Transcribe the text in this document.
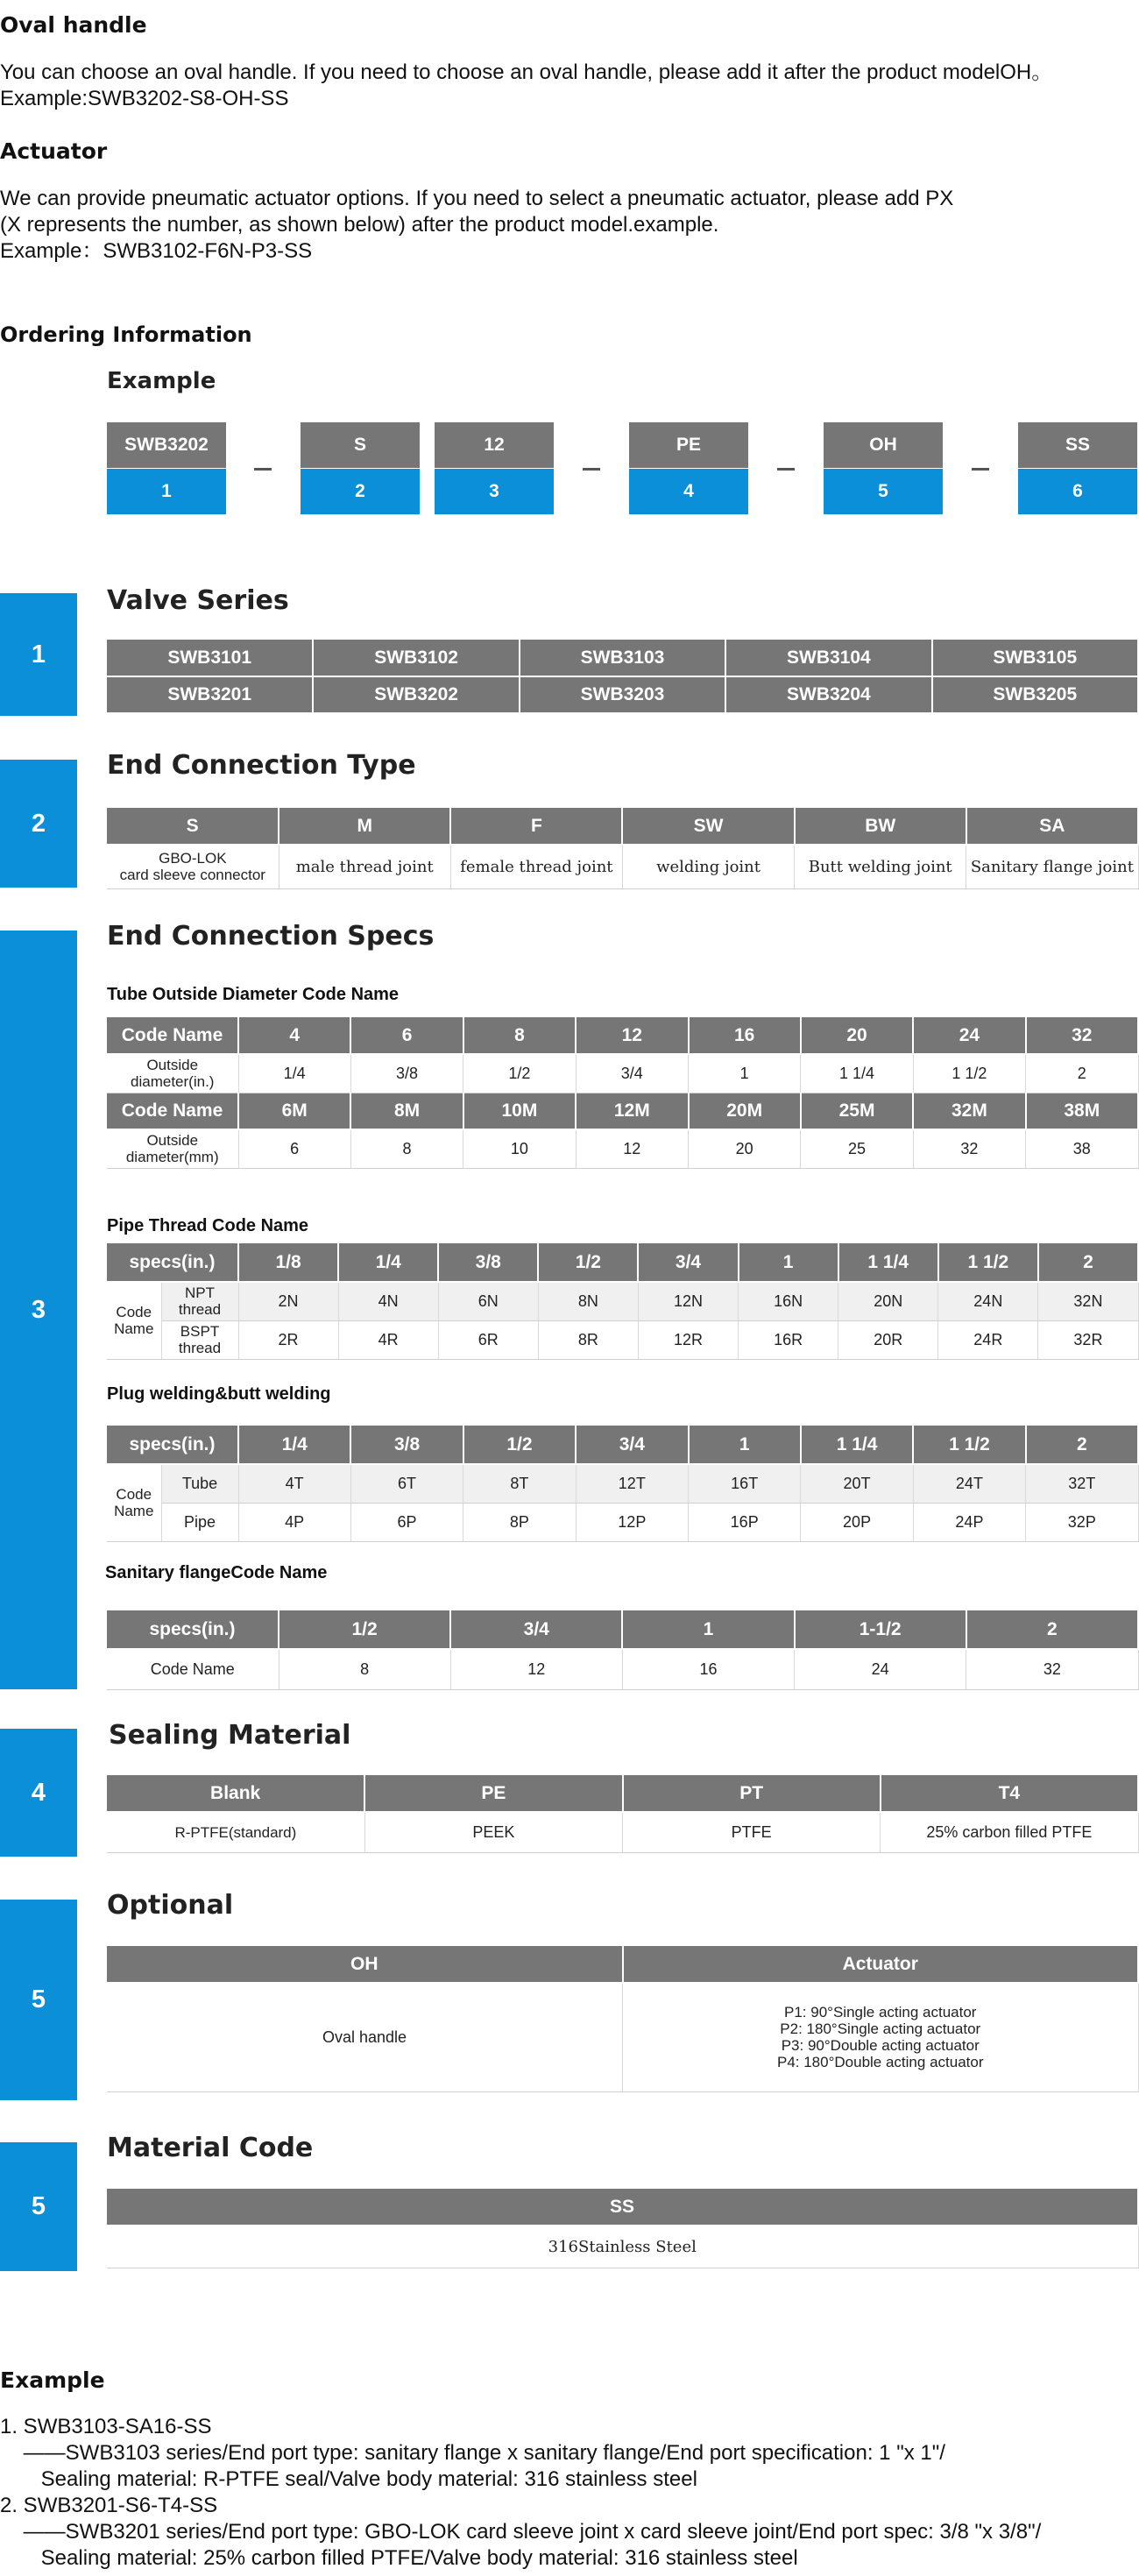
Oval handle
You can choose an oval handle. If you need to choose an oval handle, please add it after the product modelOH。
Example:SWB3202-S8-OH-SS
Actuator
We can provide pneumatic actuator options. If you need to select a pneumatic actuator, please add PX
(X represents the number, as shown below) after the product model.example.
Example：SWB3102-F6N-P3-SS
Ordering Information
Example
SWB3202
1
S
2
12
3
PE
4
OH
5
SS
6
1
Valve Series
SWB3101	SWB3102	SWB3103	SWB3104	SWB3105
SWB3201	SWB3202	SWB3203	SWB3204	SWB3205
2
End Connection Type
S	M	F	SW	BW	SA
GBO-LOK
card sleeve connector	male thread joint	female thread joint	welding joint	Butt welding joint	Sanitary flange joint
3
End Connection Specs
Tube Outside Diameter Code Name
Code Name	4	6	8	12	16	20	24	32
Outside
diameter(in.)	1/4	3/8	1/2	3/4	1	1 1/4	1 1/2	2
Code Name	6M	8M	10M	12M	20M	25M	32M	38M
Outside
diameter(mm)	6	8	10	12	20	25	32	38
Pipe Thread Code Name
specs(in.)		1/8	1/4	3/8	1/2	3/4	1	1 1/4	1 1/2	2
Code
Name	NPT
thread	2N	4N	6N	8N	12N	16N	20N	24N	32N
	BSPT
thread	2R	4R	6R	8R	12R	16R	20R	24R	32R
Plug welding&butt welding
specs(in.)		1/4	3/8	1/2	3/4	1	1 1/4	1 1/2	2
Code
Name	Tube	4T	6T	8T	12T	16T	20T	24T	32T
	Pipe	4P	6P	8P	12P	16P	20P	24P	32P
Sanitary flangeCode Name
specs(in.)	1/2	3/4	1	1-1/2	2
Code Name	8	12	16	24	32
4
Sealing Material
Blank	PE	PT	T4
R-PTFE(standard)	PEEK	PTFE	25% carbon filled PTFE
5
Optional
OH	Actuator
Oval handle	P1: 90°Single acting actuator
P2: 180°Single acting actuator
P3: 90°Double acting actuator
P4: 180°Double acting actuator
5
Material Code
SS
316Stainless Steel
Example
1. SWB3103-SA16-SS
——SWB3103 series/End port type: sanitary flange x sanitary flange/End port specification: 1 "x 1"/
Sealing material: R-PTFE seal/Valve body material: 316 stainless steel
2. SWB3201-S6-T4-SS
——SWB3201 series/End port type: GBO-LOK card sleeve joint x card sleeve joint/End port spec: 3/8 "x 3/8"/
Sealing material: 25% carbon filled PTFE/Valve body material: 316 stainless steel
